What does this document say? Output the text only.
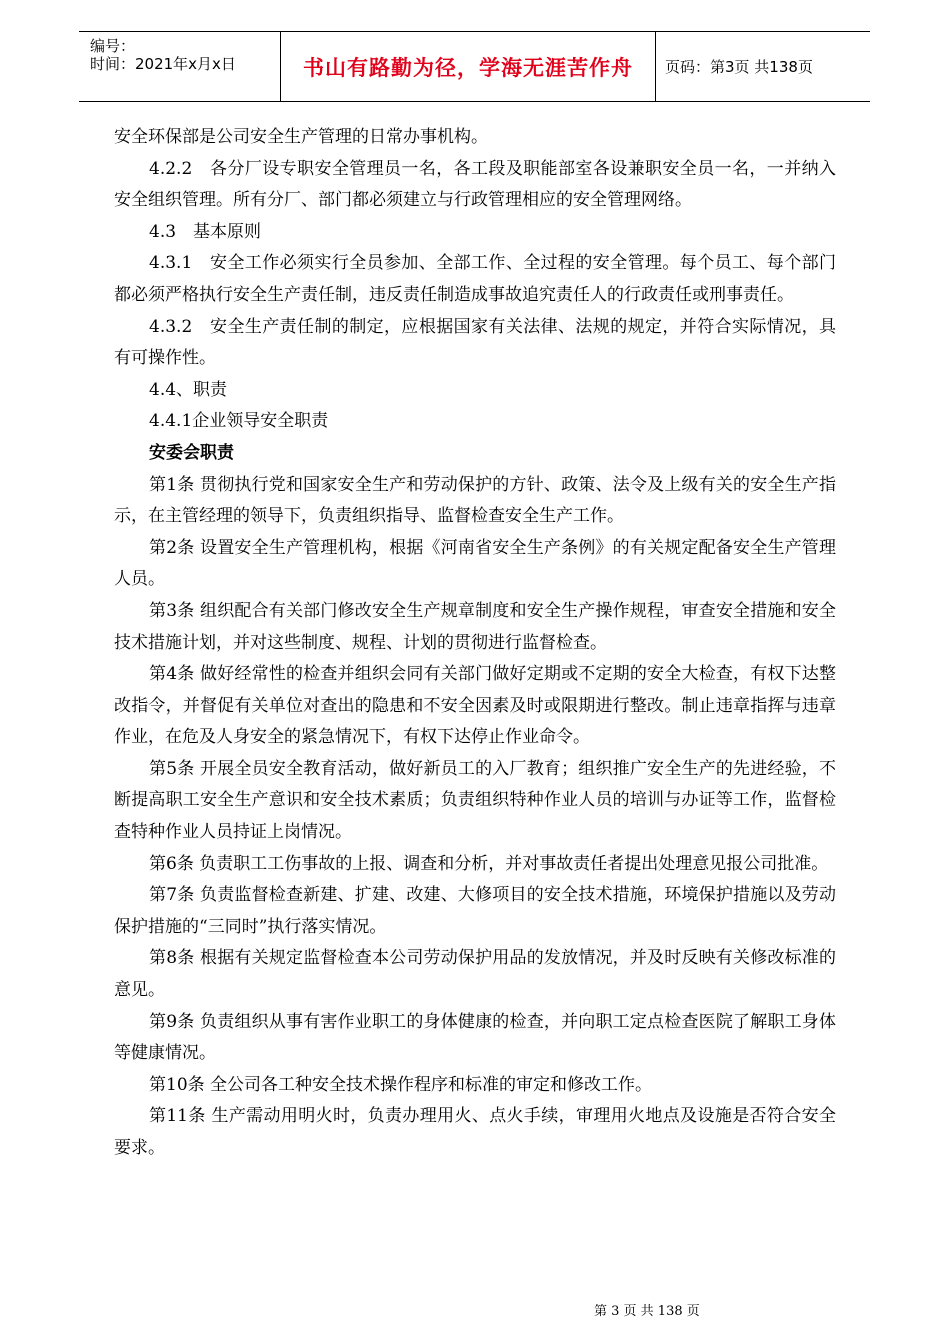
编号：
时间：2021年x月x日	书山有路勤为径，学海无涯苦作舟	页码：第3页 共138页

安全环保部是公司安全生产管理的日常办事机构。

4.2.2　各分厂设专职安全管理员一名，各工段及职能部室各设兼职安全员一名，一并纳入安全组织管理。所有分厂、部门都必须建立与行政管理相应的安全管理网络。

4.3　基本原则

4.3.1　安全工作必须实行全员参加、全部工作、全过程的安全管理。每个员工、每个部门都必须严格执行安全生产责任制，违反责任制造成事故追究责任人的行政责任或刑事责任。

4.3.2　安全生产责任制的制定，应根据国家有关法律、法规的规定，并符合实际情况，具有可操作性。

4.4、职责

4.4.1企业领导安全职责

安委会职责

第1条 贯彻执行党和国家安全生产和劳动保护的方针、政策、法令及上级有关的安全生产指示，在主管经理的领导下，负责组织指导、监督检查安全生产工作。

第2条 设置安全生产管理机构，根据《河南省安全生产条例》的有关规定配备安全生产管理人员。

第3条 组织配合有关部门修改安全生产规章制度和安全生产操作规程，审查安全措施和安全技术措施计划，并对这些制度、规程、计划的贯彻进行监督检查。

第4条 做好经常性的检查并组织会同有关部门做好定期或不定期的安全大检查，有权下达整改指令，并督促有关单位对查出的隐患和不安全因素及时或限期进行整改。制止违章指挥与违章作业，在危及人身安全的紧急情况下，有权下达停止作业命令。

第5条 开展全员安全教育活动，做好新员工的入厂教育；组织推广安全生产的先进经验，不断提高职工安全生产意识和安全技术素质；负责组织特种作业人员的培训与办证等工作，监督检查特种作业人员持证上岗情况。

第6条 负责职工工伤事故的上报、调查和分析，并对事故责任者提出处理意见报公司批准。

第7条 负责监督检查新建、扩建、改建、大修项目的安全技术措施，环境保护措施以及劳动保护措施的“三同时”执行落实情况。

第8条 根据有关规定监督检查本公司劳动保护用品的发放情况，并及时反映有关修改标准的意见。

第9条 负责组织从事有害作业职工的身体健康的检查，并向职工定点检查医院了解职工身体等健康情况。

第10条 全公司各工种安全技术操作程序和标准的审定和修改工作。

第11条 生产需动用明火时，负责办理用火、点火手续，审理用火地点及设施是否符合安全要求。

第 3 页 共 138 页
